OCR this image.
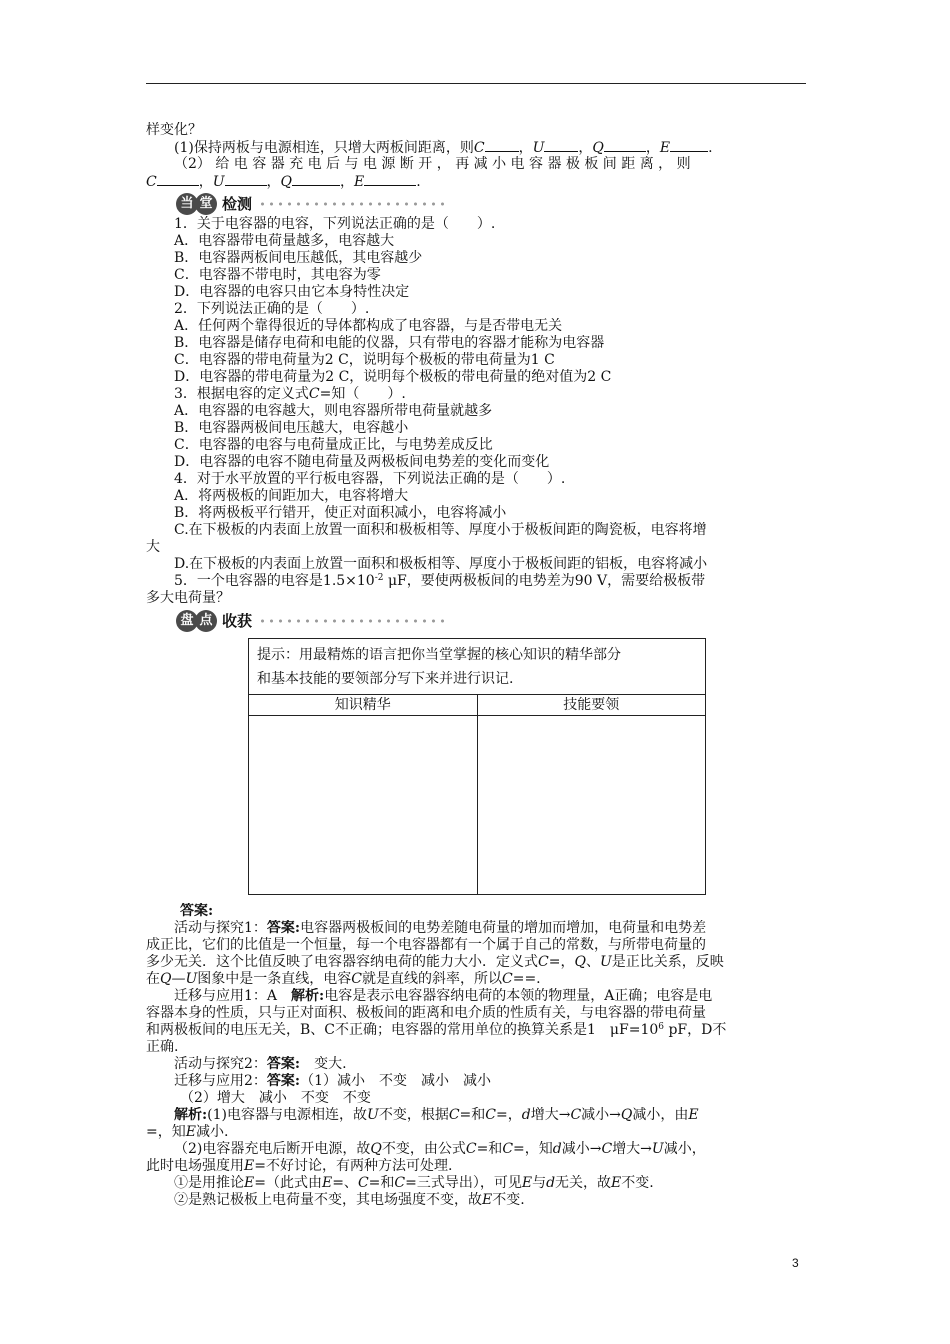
样变化？
(1)保持两板与电源相连，只增大两板间距离，则C ，U ，Q	，E	.
（2） 给 电 容 器 充 电 后 与 电 源 断 开 ， 再 减 小 电 容 器 极 板 间 距 离 ， 则
C	，U	，Q	，E	.
当 堂 检测
1．关于电容器的电容，下列说法正确的是（　　）.
A．电容器带电荷量越多，电容越大
B．电容器两板间电压越低，其电容越少
C．电容器不带电时，其电容为零
D．电容器的电容只由它本身特性决定
2．下列说法正确的是（　　）.
A．任何两个靠得很近的导体都构成了电容器，与是否带电无关
B．电容器是储存电荷和电能的仪器，只有带电的容器才能称为电容器
C．电容器的带电荷量为2 C，说明每个极板的带电荷量为1 C
D．电容器的带电荷量为2 C，说明每个极板的带电荷量的绝对值为2 C
3．根据电容的定义式C=知（　　）.
A．电容器的电容越大，则电容器所带电荷量就越多
B．电容器两极间电压越大，电容越小
C．电容器的电容与电荷量成正比，与电势差成反比
D．电容器的电容不随电荷量及两极板间电势差的变化而变化
4．对于水平放置的平行板电容器，下列说法正确的是（　　）.
A．将两极板的间距加大，电容将增大
B．将两极板平行错开，使正对面积减小，电容将减小
C.在下极板的内表面上放置一面积和极板相等、厚度小于极板间距的陶瓷板，电容将增
大
D.在下极板的内表面上放置一面积和极板相等、厚度小于极板间距的铝板，电容将减小
5．一个电容器的电容是$1.5\times 10^{-2}$ μF，要使两极板间的电势差为90 V，需要给极板带
多大电荷量？
盘 点 收获
提示：用最精炼的语言把你当堂掌握的核心知识的精华部分
和基本技能的要领部分写下来并进行识记.
知识精华	技能要领
答案:
活动与探究1：答案:电容器两极板间的电势差随电荷量的增加而增加，电荷量和电势差
成正比，它们的比值是一个恒量，每一个电容器都有一个属于自己的常数，与所带电荷量的
多少无关．这个比值反映了电容器容纳电荷的能力大小．定义式C=，Q、U是正比关系，反映
在Q—U图象中是一条直线，电容C就是直线的斜率，所以C==.
迁移与应用1：A　解析:电容是表示电容器容纳电荷的本领的物理量，A正确；电容是电
容器本身的性质，只与正对面积、极板间的距离和电介质的性质有关，与电容器的带电荷量
和两极板间的电压无关，B、C不正确；电容器的常用单位的换算关系是1　$\mu F=10^6$ pF，D不
正确.
活动与探究2：答案:　变大.
迁移与应用2：答案:（1）减小　不变　减小　减小
（2）增大　减小　不变　不变
解析:(1)电容器与电源相连，故U不变，根据C=和C=，d增大→C减小→Q减小，由E
=，知E减小.
（2)电容器充电后断开电源，故Q不变，由公式C=和C=，知d减小→C增大→U减小，
此时电场强度用E=不好讨论，有两种方法可处理.
①是用推论E=（此式由E=、C=和C=三式导出），可见E与d无关，故E不变.
②是熟记极板上电荷量不变，其电场强度不变，故E不变.
3
